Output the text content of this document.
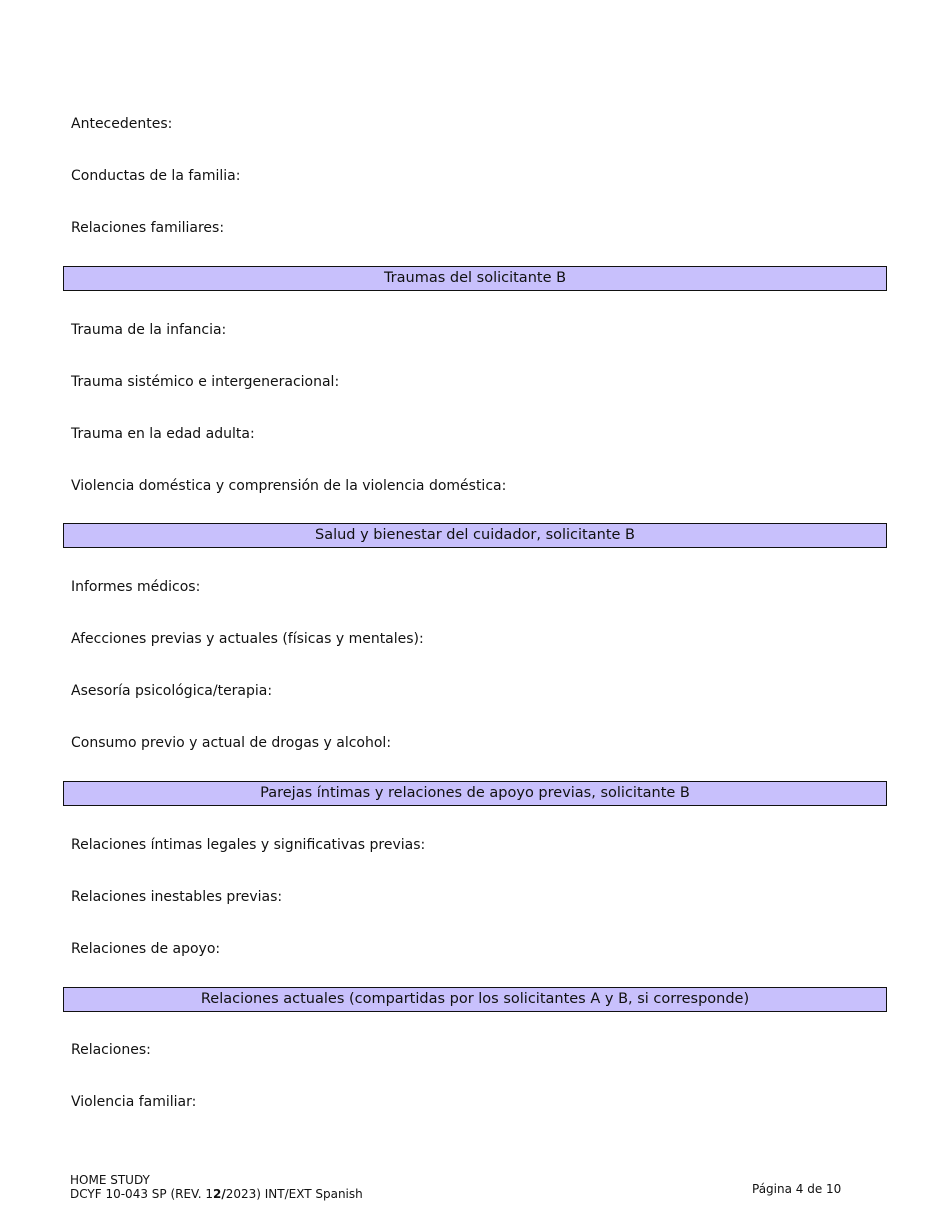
Antecedentes:
Conductas de la familia:
Relaciones familiares:
Traumas del solicitante B
Trauma de la infancia:
Trauma sistémico e intergeneracional:
Trauma en la edad adulta:
Violencia doméstica y comprensión de la violencia doméstica:
Salud y bienestar del cuidador, solicitante B
Informes médicos:
Afecciones previas y actuales (físicas y mentales):
Asesoría psicológica/terapia:
Consumo previo y actual de drogas y alcohol:
Parejas íntimas y relaciones de apoyo previas, solicitante B
Relaciones íntimas legales y significativas previas:
Relaciones inestables previas:
Relaciones de apoyo:
Relaciones actuales (compartidas por los solicitantes A y B, si corresponde)
Relaciones:
Violencia familiar:
HOME STUDY
DCYF 10-043 SP (REV. 12/2023) INT/EXT Spanish	Página 4 de 10
